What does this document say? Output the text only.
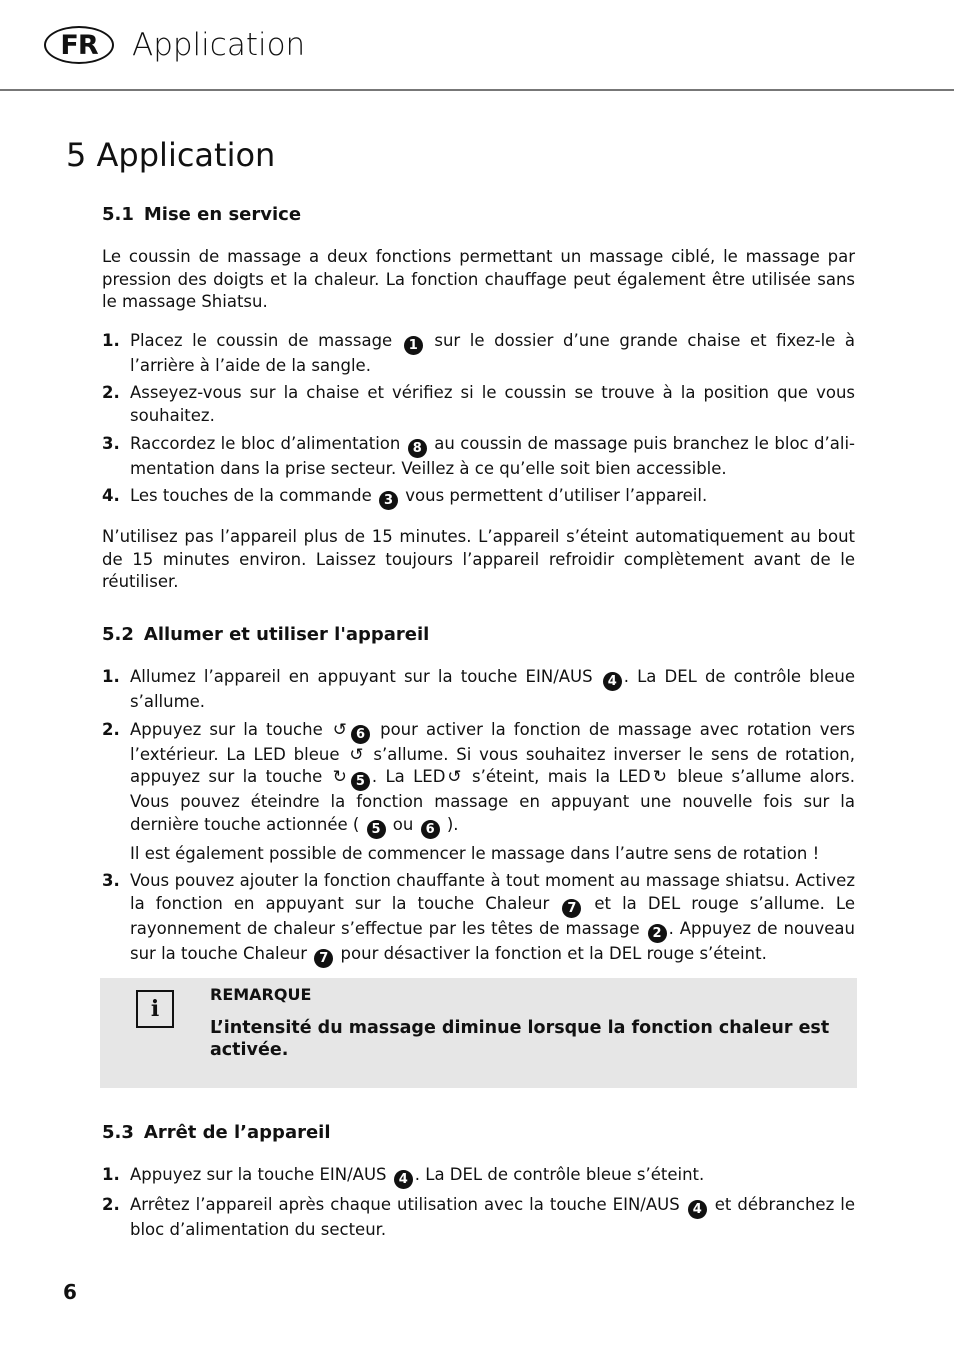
FR	Application
5 Application
5.1 Mise en service

Le coussin de massage a deux fonctions permettant un massage ciblé, le massage par pression des doigts et la chaleur. La fonction chauffage peut également être utilisée sans le massage Shiatsu.

1. Placez le coussin de massage 1 sur le dossier d’une grande chaise et fixez-le à l’arrière à l’aide de la sangle.
2. Asseyez-vous sur la chaise et vérifiez si le coussin se trouve à la position que vous souhaitez.
3. Raccordez le bloc d’alimentation 8 au coussin de massage puis branchez le bloc d’alimentation dans la prise secteur. Veillez à ce qu’elle soit bien accessible.
4. Les touches de la commande 3 vous permettent d’utiliser l’appareil.

N’utilisez pas l’appareil plus de 15 minutes. L’appareil s’éteint automatiquement au bout de 15 minutes environ. Laissez toujours l’appareil refroidir complètement avant de le réutiliser.

5.2 Allumer et utiliser l'appareil
1. Allumez l’appareil en appuyant sur la touche EIN/AUS 4 . La DEL de contrôle bleue s’allume.
2. Appuyez sur la touche ↺ 6 pour activer la fonction de massage avec rotation vers l’extérieur. La LED bleue ↺ s’allume. Si vous souhaitez inverser le sens de rotation, appuyez sur la touche ↻ 5 . La LED ↺ s’éteint, mais la LED ↻ bleue s’allume alors. Vous pouvez éteindre la fonction massage en appuyant une nouvelle fois sur la dernière touche actionnée ( 5 ou 6 ).
Il est également possible de commencer le massage dans l’autre sens de rotation !
3. Vous pouvez ajouter la fonction chauffante à tout moment au massage shiatsu. Activez la fonction en appuyant sur la touche Chaleur 7 et la DEL rouge s’allume. Le rayonnement de chaleur s’effectue par les têtes de massage 2 . Appuyez de nouveau sur la touche Chaleur 7 pour désactiver la fonction et la DEL rouge s’éteint.
i
REMARQUE
L’intensité du massage diminue lorsque la fonction chaleur est activée.
5.3 Arrêt de l’appareil
1. Appuyez sur la touche EIN/AUS 4 . La DEL de contrôle bleue s’éteint.
2. Arrêtez l’appareil après chaque utilisation avec la touche EIN/AUS 4 et débranchez le bloc d’alimentation du secteur.
6
